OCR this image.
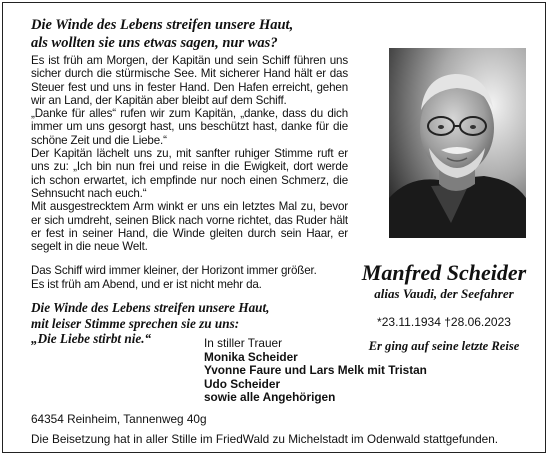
Die Winde des Lebens streifen unsere Haut,
als wollten sie uns etwas sagen, nur was?

Es ist früh am Morgen, der Kapitän und sein Schiff führen uns sicher durch die stürmische See. Mit sicherer Hand hält er das Steuer fest und uns in fester Hand. Den Hafen erreicht, gehen wir an Land, der Kapitän aber bleibt auf dem Schiff.

„Danke für alles“ rufen wir zum Kapitän, „danke, dass du dich immer um uns gesorgt hast, uns beschützt hast, danke für die schöne Zeit und die Liebe.“

Der Kapitän lächelt uns zu, mit sanfter ruhiger Stimme ruft er uns zu: „Ich bin nun frei und reise in die Ewigkeit, dort werde ich schon erwartet, ich empfinde nur noch einen Schmerz, die Sehnsucht nach euch.“

Mit ausgestrecktem Arm winkt er uns ein letztes Mal zu, bevor er sich umdreht, seinen Blick nach vorne richtet, das Ruder hält er fest in seiner Hand, die Winde gleiten durch sein Haar, er segelt in die neue Welt.

Das Schiff wird immer kleiner, der Horizont immer größer.

Es ist früh am Abend, und er ist nicht mehr da.

Die Winde des Lebens streifen unsere Haut,
mit leiser Stimme sprechen sie zu uns:
„Die Liebe stirbt nie.“
Manfred Scheider
alias Vaudi, der Seefahrer
*23.11.1934 †28.06.2023
Er ging auf seine letzte Reise
In stiller Trauer
Monika Scheider
Yvonne Faure und Lars Melk mit Tristan
Udo Scheider
sowie alle Angehörigen
64354 Reinheim, Tannenweg 40g
Die Beisetzung hat in aller Stille im FriedWald zu Michelstadt im Odenwald stattgefunden.
